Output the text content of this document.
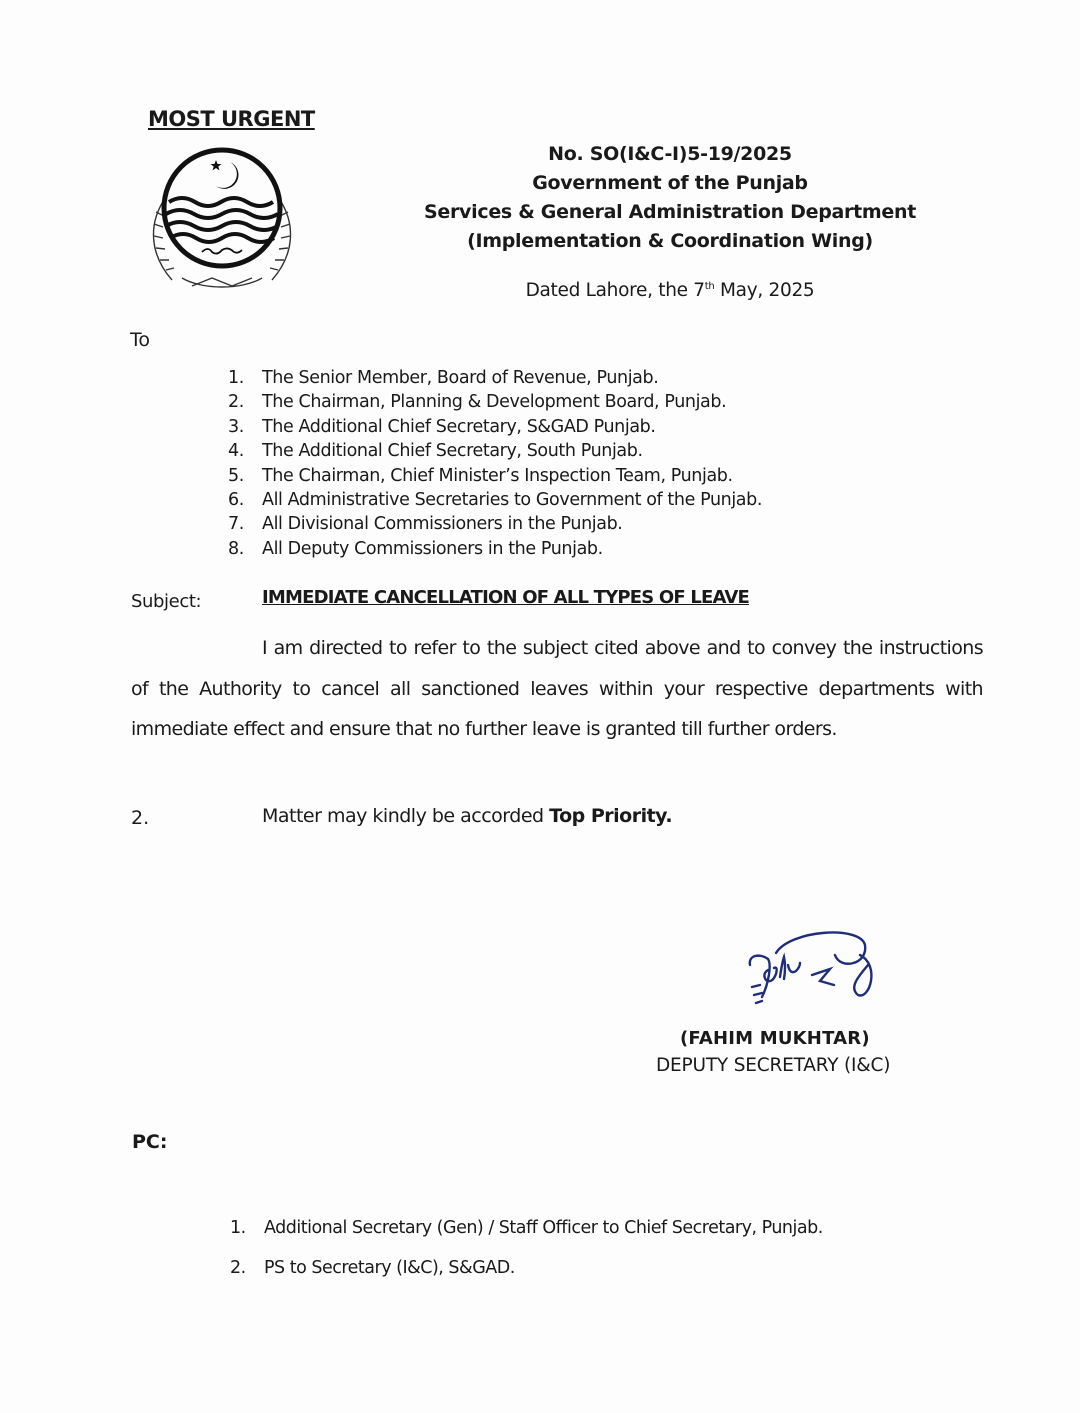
MOST URGENT
No. SO(I&C-I)5-19/2025
Government of the Punjab
Services & General Administration Department
(Implementation & Coordination Wing)
Dated Lahore, the 7th May, 2025
To
1.	The Senior Member, Board of Revenue, Punjab.
2.	The Chairman, Planning & Development Board, Punjab.
3.	The Additional Chief Secretary, S&GAD Punjab.
4.	The Additional Chief Secretary, South Punjab.
5.	The Chairman, Chief Minister’s Inspection Team, Punjab.
6.	All Administrative Secretaries to Government of the Punjab.
7.	All Divisional Commissioners in the Punjab.
8.	All Deputy Commissioners in the Punjab.
Subject:	IMMEDIATE CANCELLATION OF ALL TYPES OF LEAVE
I am directed to refer to the subject cited above and to convey the instructions of the Authority to cancel all sanctioned leaves within your respective departments with immediate effect and ensure that no further leave is granted till further orders.
2.	Matter may kindly be accorded Top Priority.
(FAHIM MUKHTAR)
DEPUTY SECRETARY (I&C)
PC:
1.	Additional Secretary (Gen) / Staff Officer to Chief Secretary, Punjab.
2.	PS to Secretary (I&C), S&GAD.
